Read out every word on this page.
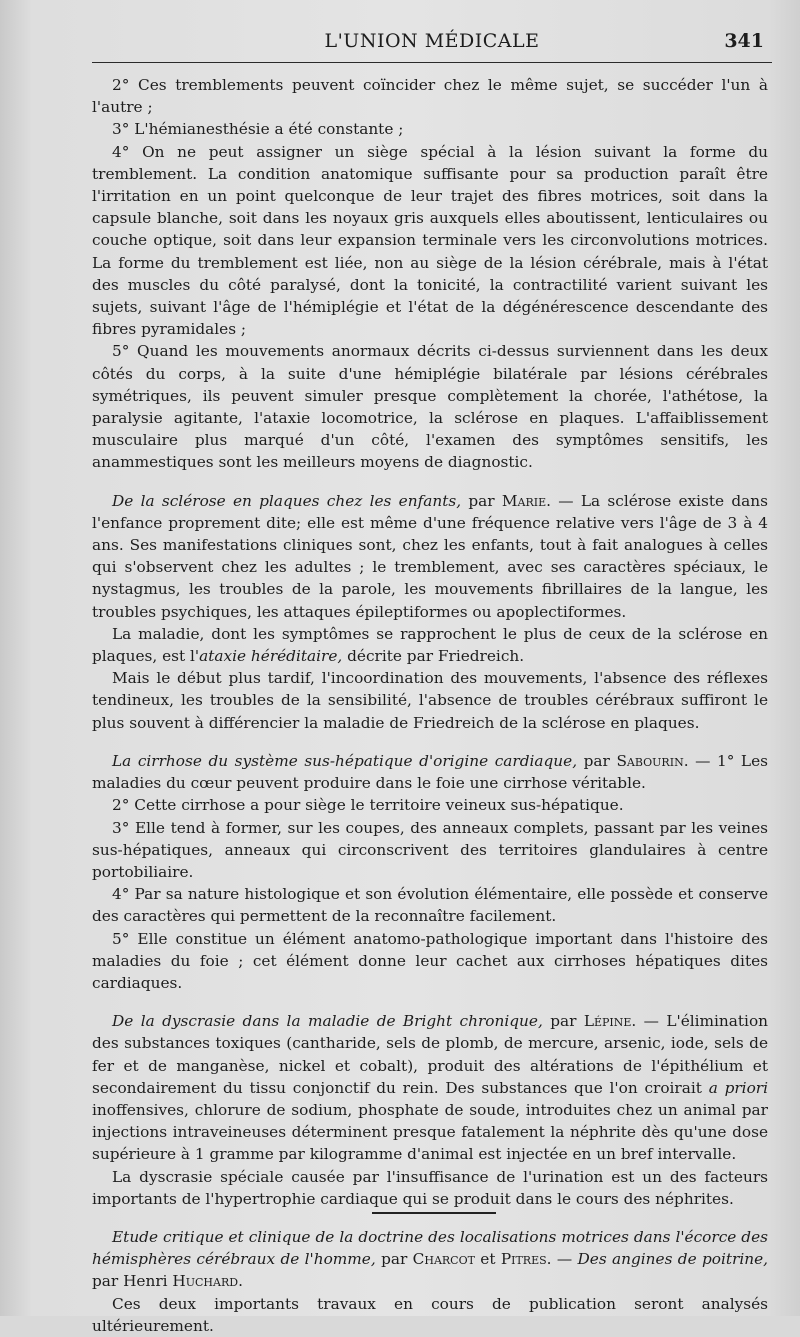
L'UNION MÉDICALE	341

2° Ces tremblements peuvent coïncider chez le même sujet, se succéder l'un à l'autre ;

3° L'hémianesthésie a été constante ;

4° On ne peut assigner un siège spécial à la lésion suivant la forme du tremblement. La condition anatomique suffisante pour sa production paraît être l'irritation en un point quelconque de leur trajet des fibres motrices, soit dans la capsule blanche, soit dans les noyaux gris auxquels elles aboutissent, lenticulaires ou couche optique, soit dans leur expansion terminale vers les circonvolutions motrices. La forme du tremblement est liée, non au siège de la lésion cérébrale, mais à l'état des muscles du côté paralysé, dont la tonicité, la contractilité varient suivant les sujets, suivant l'âge de l'hémiplégie et l'état de la dégénérescence descendante des fibres pyramidales ;

5° Quand les mouvements anormaux décrits ci-dessus surviennent dans les deux côtés du corps, à la suite d'une hémiplégie bilatérale par lésions cérébrales symétriques, ils peuvent simuler presque complètement la chorée, l'athétose, la paralysie agitante, l'ataxie locomotrice, la sclérose en plaques. L'affaiblissement musculaire plus marqué d'un côté, l'examen des symptômes sensitifs, les anammestiques sont les meilleurs moyens de diagnostic.

De la sclérose en plaques chez les enfants, par Marie. — La sclérose existe dans l'enfance proprement dite; elle est même d'une fréquence relative vers l'âge de 3 à 4 ans. Ses manifestations cliniques sont, chez les enfants, tout à fait analogues à celles qui s'observent chez les adultes ; le tremblement, avec ses caractères spéciaux, le nystagmus, les troubles de la parole, les mouvements fibrillaires de la langue, les troubles psychiques, les attaques épileptiformes ou apoplectiformes.

La maladie, dont les symptômes se rapprochent le plus de ceux de la sclérose en plaques, est l'ataxie héréditaire, décrite par Friedreich.

Mais le début plus tardif, l'incoordination des mouvements, l'absence des réflexes tendineux, les troubles de la sensibilité, l'absence de troubles cérébraux suffiront le plus souvent à différencier la maladie de Friedreich de la sclérose en plaques.

La cirrhose du système sus-hépatique d'origine cardiaque, par Sabourin. — 1° Les maladies du cœur peuvent produire dans le foie une cirrhose véritable.

2° Cette cirrhose a pour siège le territoire veineux sus-hépatique.

3° Elle tend à former, sur les coupes, des anneaux complets, passant par les veines sus-hépatiques, anneaux qui circonscrivent des territoires glandulaires à centre portobiliaire.

4° Par sa nature histologique et son évolution élémentaire, elle possède et conserve des caractères qui permettent de la reconnaître facilement.

5° Elle constitue un élément anatomo-pathologique important dans l'histoire des maladies du foie ; cet élément donne leur cachet aux cirrhoses hépatiques dites cardiaques.

De la dyscrasie dans la maladie de Bright chronique, par Lépine. — L'élimination des substances toxiques (cantharide, sels de plomb, de mercure, arsenic, iode, sels de fer et de manganèse, nickel et cobalt), produit des altérations de l'épithélium et secondairement du tissu conjonctif du rein. Des substances que l'on croirait a priori inoffensives, chlorure de sodium, phosphate de soude, introduites chez un animal par injections intraveineuses déterminent presque fatalement la néphrite dès qu'une dose supérieure à 1 gramme par kilogramme d'animal est injectée en un bref intervalle.

La dyscrasie spéciale causée par l'insuffisance de l'urination est un des facteurs importants de l'hypertrophie cardiaque qui se produit dans le cours des néphrites.

Etude critique et clinique de la doctrine des localisations motrices dans l'écorce des hémisphères cérébraux de l'homme, par Charcot et Pitres. — Des angines de poitrine, par Henri Huchard.

Ces deux importants travaux en cours de publication seront analysés ultérieurement.
